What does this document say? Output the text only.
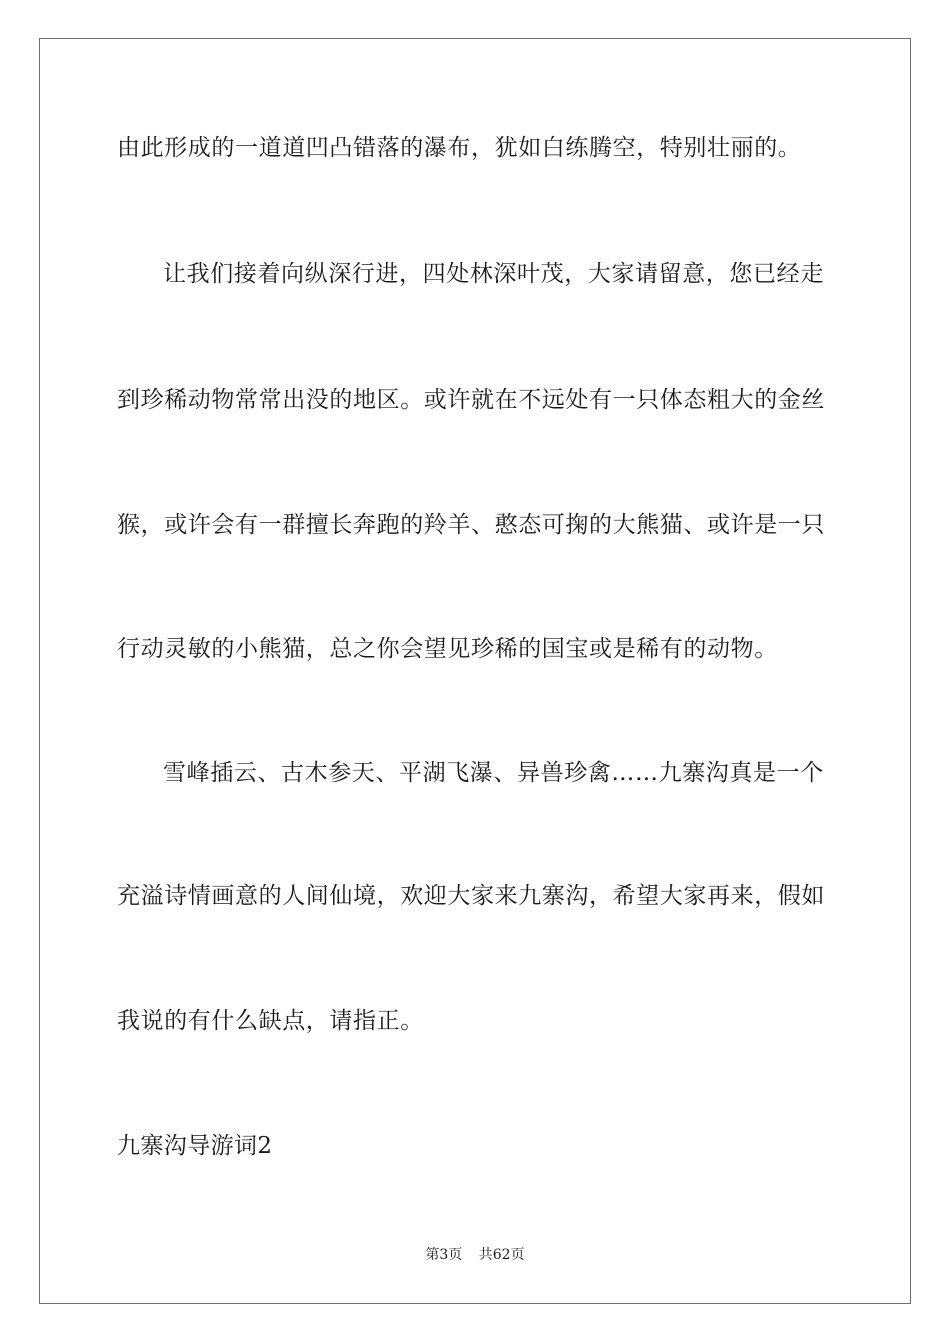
由此形成的一道道凹凸错落的瀑布，犹如白练腾空，特别壮丽的。
让我们接着向纵深行进，四处林深叶茂，大家请留意，您已经走
到珍稀动物常常出没的地区。或许就在不远处有一只体态粗大的金丝
猴，或许会有一群擅长奔跑的羚羊、憨态可掬的大熊猫、或许是一只
行动灵敏的小熊猫，总之你会望见珍稀的国宝或是稀有的动物。
雪峰插云、古木参天、平湖飞瀑、异兽珍禽……九寨沟真是一个
充溢诗情画意的人间仙境，欢迎大家来九寨沟，希望大家再来，假如
我说的有什么缺点，请指正。
九寨沟导游词2
第3页 共62页
